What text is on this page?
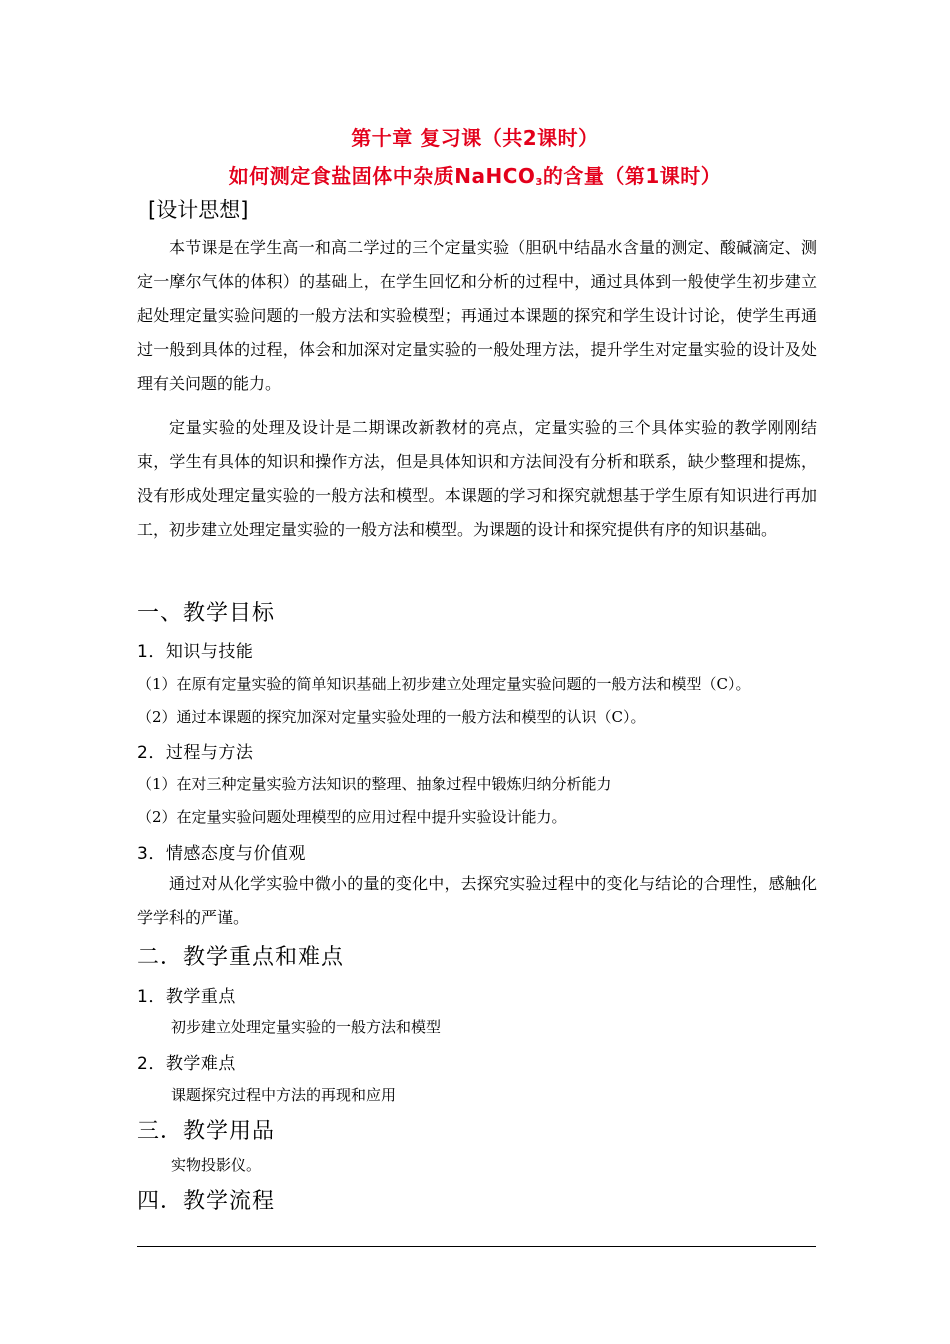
第十章 复习课（共2课时）
如何测定食盐固体中杂质NaHCO$_3$的含量（第1课时）
[设计思想]
本节课是在学生高一和高二学过的三个定量实验（胆矾中结晶水含量的测定、酸碱滴定、测定一摩尔气体的体积）的基础上，在学生回忆和分析的过程中，通过具体到一般使学生初步建立起处理定量实验问题的一般方法和实验模型；再通过本课题的探究和学生设计讨论，使学生再通过一般到具体的过程，体会和加深对定量实验的一般处理方法，提升学生对定量实验的设计及处理有关问题的能力。
定量实验的处理及设计是二期课改新教材的亮点，定量实验的三个具体实验的教学刚刚结束，学生有具体的知识和操作方法，但是具体知识和方法间没有分析和联系，缺少整理和提炼，没有形成处理定量实验的一般方法和模型。本课题的学习和探究就想基于学生原有知识进行再加工，初步建立处理定量实验的一般方法和模型。为课题的设计和探究提供有序的知识基础。
一、教学目标
1．知识与技能
（1）在原有定量实验的简单知识基础上初步建立处理定量实验问题的一般方法和模型（C）。
（2）通过本课题的探究加深对定量实验处理的一般方法和模型的认识（C）。
2．过程与方法
（1）在对三种定量实验方法知识的整理、抽象过程中锻炼归纳分析能力
（2）在定量实验问题处理模型的应用过程中提升实验设计能力。
3．情感态度与价值观
通过对从化学实验中微小的量的变化中，去探究实验过程中的变化与结论的合理性，感触化学学科的严谨。
二．教学重点和难点
1．教学重点
初步建立处理定量实验的一般方法和模型
2．教学难点
课题探究过程中方法的再现和应用
三．教学用品
实物投影仪。
四．教学流程
